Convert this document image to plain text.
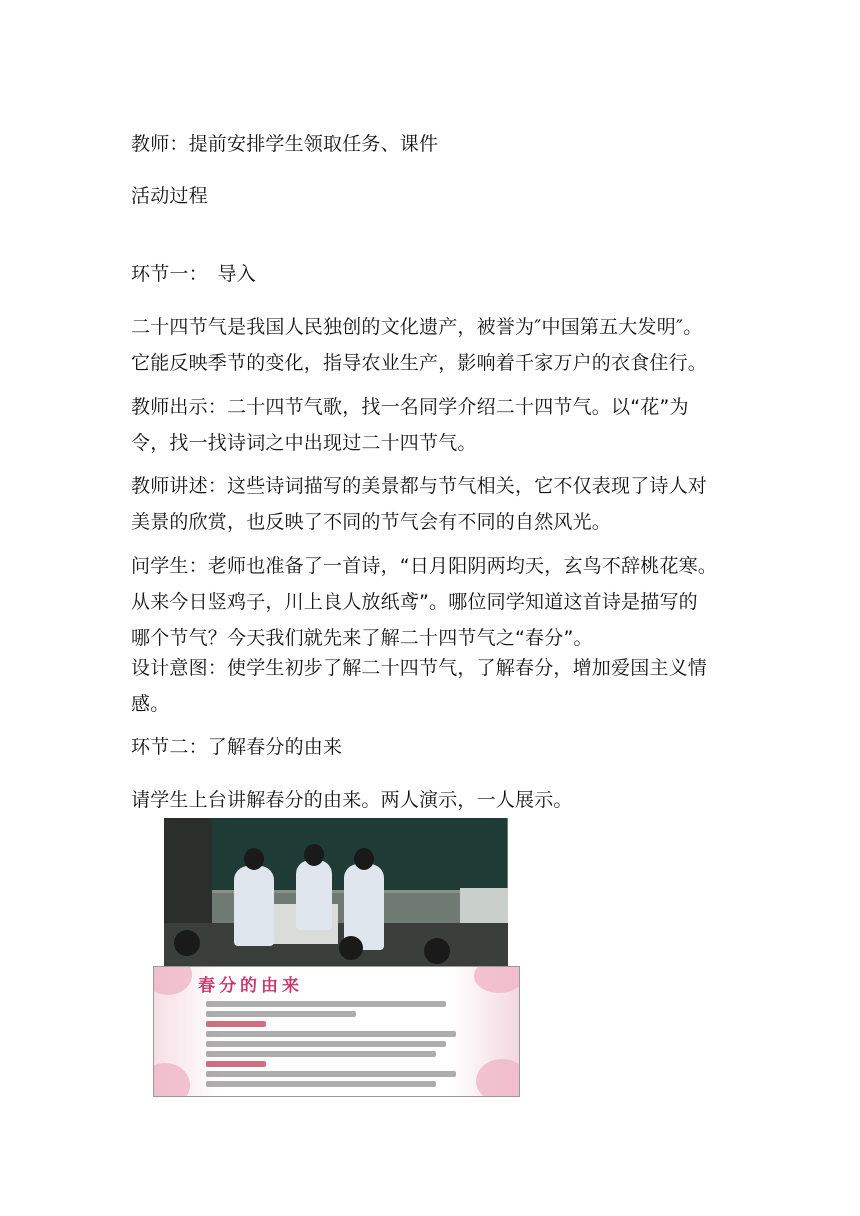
教师：提前安排学生领取任务、课件

活动过程

环节一：　导入

二十四节气是我国人民独创的文化遗产，被誉为″中国第五大发明″。
它能反映季节的变化，指导农业生产，影响着千家万户的衣食住行。

教师出示：二十四节气歌，找一名同学介绍二十四节气。以“花”为
令，找一找诗词之中出现过二十四节气。

教师讲述：这些诗词描写的美景都与节气相关，它不仅表现了诗人对
美景的欣赏，也反映了不同的节气会有不同的自然风光。

问学生：老师也准备了一首诗，“日月阳阴两均天，玄鸟不辞桃花寒。
从来今日竖鸡子，川上良人放纸鸢”。哪位同学知道这首诗是描写的
哪个节气？今天我们就先来了解二十四节气之“春分”。

设计意图：使学生初步了解二十四节气，了解春分，增加爱国主义情
感。

环节二：了解春分的由来

请学生上台讲解春分的由来。两人演示，一人展示。

春分的由来
